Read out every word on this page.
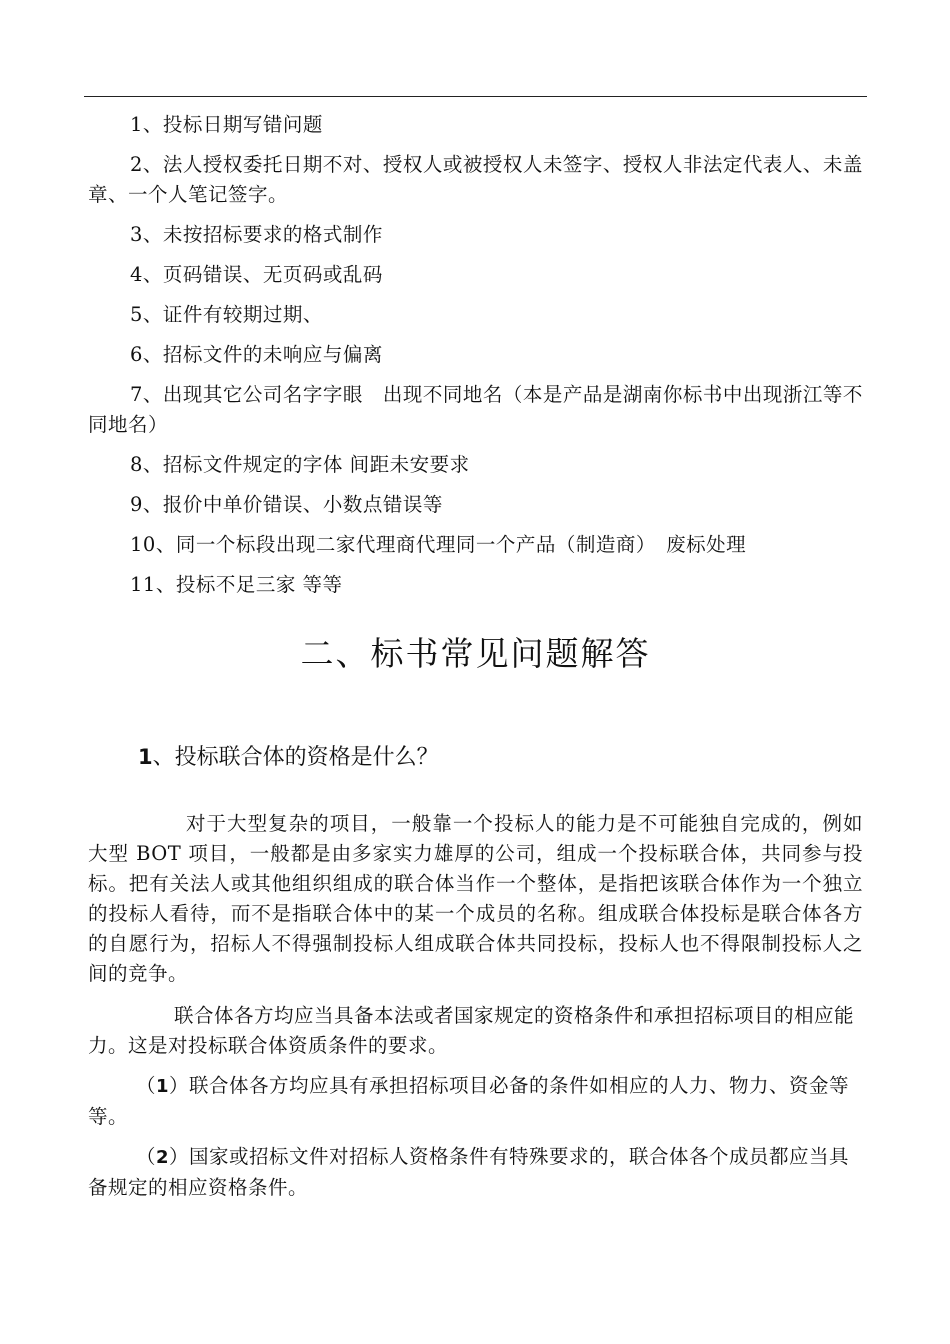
1、投标日期写错问题

2、法人授权委托日期不对、授权人或被授权人未签字、授权人非法定代表人、未盖章、一个人笔记签字。

3、未按招标要求的格式制作

4、页码错误、无页码或乱码

5、证件有较期过期、

6、招标文件的未响应与偏离

7、出现其它公司名字字眼　出现不同地名（本是产品是湖南你标书中出现浙江等不同地名）

8、招标文件规定的字体 间距未安要求

9、报价中单价错误、小数点错误等

10、同一个标段出现二家代理商代理同一个产品（制造商）　废标处理

11、投标不足三家 等等

二、标书常见问题解答
1、投标联合体的资格是什么？

对于大型复杂的项目，一般靠一个投标人的能力是不可能独自完成的，例如大型 BOT 项目，一般都是由多家实力雄厚的公司，组成一个投标联合体，共同参与投标。把有关法人或其他组织组成的联合体当作一个整体，是指把该联合体作为一个独立的投标人看待，而不是指联合体中的某一个成员的名称。组成联合体投标是联合体各方的自愿行为，招标人不得强制投标人组成联合体共同投标，投标人也不得限制投标人之间的竞争。

联合体各方均应当具备本法或者国家规定的资格条件和承担招标项目的相应能力。这是对投标联合体资质条件的要求。

（1）联合体各方均应具有承担招标项目必备的条件如相应的人力、物力、资金等等。

（2）国家或招标文件对招标人资格条件有特殊要求的，联合体各个成员都应当具备规定的相应资格条件。
